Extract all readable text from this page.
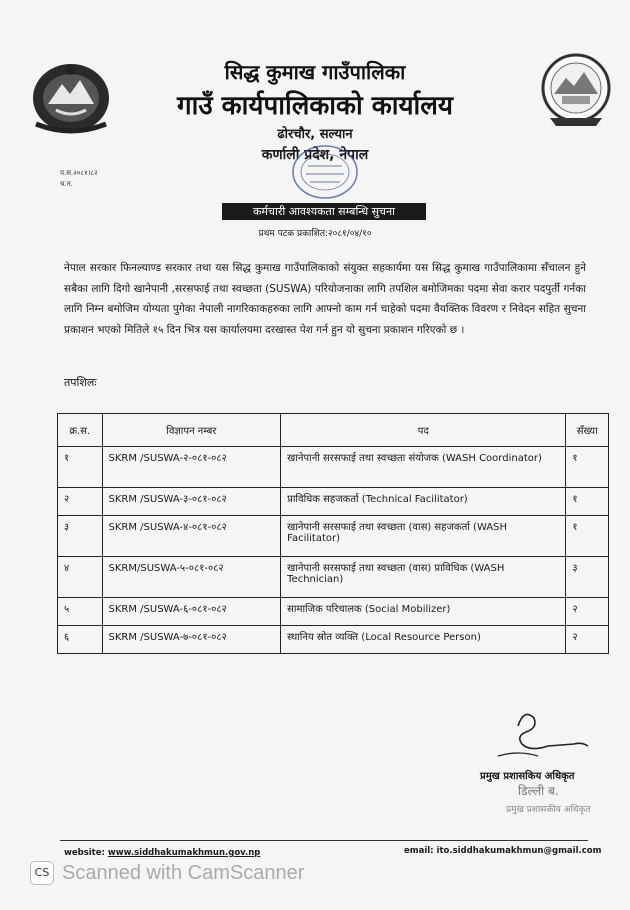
सिद्ध कुमाख गाउँपालिका
गाउँ कार्यपालिकाको कार्यालय
ढोरचौर, सल्यान
कर्णाली प्रदेश, नेपाल
प.स.२०८१।८२
च.न.
कर्मचारी आवश्यकता सम्बन्धि सुचना
प्रथम पटक प्रकाशित:२०८१/०४/१०
नेपाल सरकार फिनल्याण्ड सरकार तथा यस सिद्ध कुमाख गाउँपालिकाको संयुक्त सहकार्यमा यस सिद्ध कुमाख गाउँपालिकामा सँचालन हुने सबैका लागि दिगो खानेपानी ,सरसफाई तथा स्वच्छता (SUSWA) परियोजनाका लागि तपशिल बमोजिमका पदमा सेवा करार पदपुर्ती गर्नका लागि निम्न बमोजिम योग्यता पुगेका नेपाली नागरिकाकहरुका लागि आफ्नो काम गर्न चाहेको पदमा वैयक्तिक विवरण र निवेदन सहित सुचना प्रकाशन भएको मितिले १५ दिन भित्र यस कार्यालयमा दरखास्त पेश गर्न हुन यो सुचना प्रकाशन गरिएको छ ।
तपशिलः
क्र.स.	विज्ञापन नम्बर	पद	सँख्या
१	SKRM /SUSWA-२-०८१-०८२	खानेपानी सरसफाई तथा स्वच्छता संयोजक (WASH Coordinator)	१
२	SKRM /SUSWA-३-०८१-०८२	प्राविधिक सहजकर्ता (Technical Facilitator)	१
३	SKRM /SUSWA-४-०८१-०८२	खानेपानी सरसफाई तथा स्वच्छता (वास) सहजकर्ता (WASH Facilitator)	१
४	SKRM/SUSWA-५-०८१-०८२	खानेपानी सरसफाई तथा स्वच्छता (वास) प्राविधिक (WASH Technician)	३
५	SKRM /SUSWA-६-०८१-०८२	सामाजिक परिचालक (Social Mobilizer)	२
६	SKRM /SUSWA-७-०८१-०८२	स्थानिय स्रोत व्यक्ति (Local Resource Person)	२
प्रमुख प्रशासकिय अधिकृत
डिल्ली ब.
प्रमुख प्रशासकीय अधिकृत
website: www.siddhakumakhmun.gov.np	email: ito.siddhakumakhmun@gmail.com
CS Scanned with CamScanner
